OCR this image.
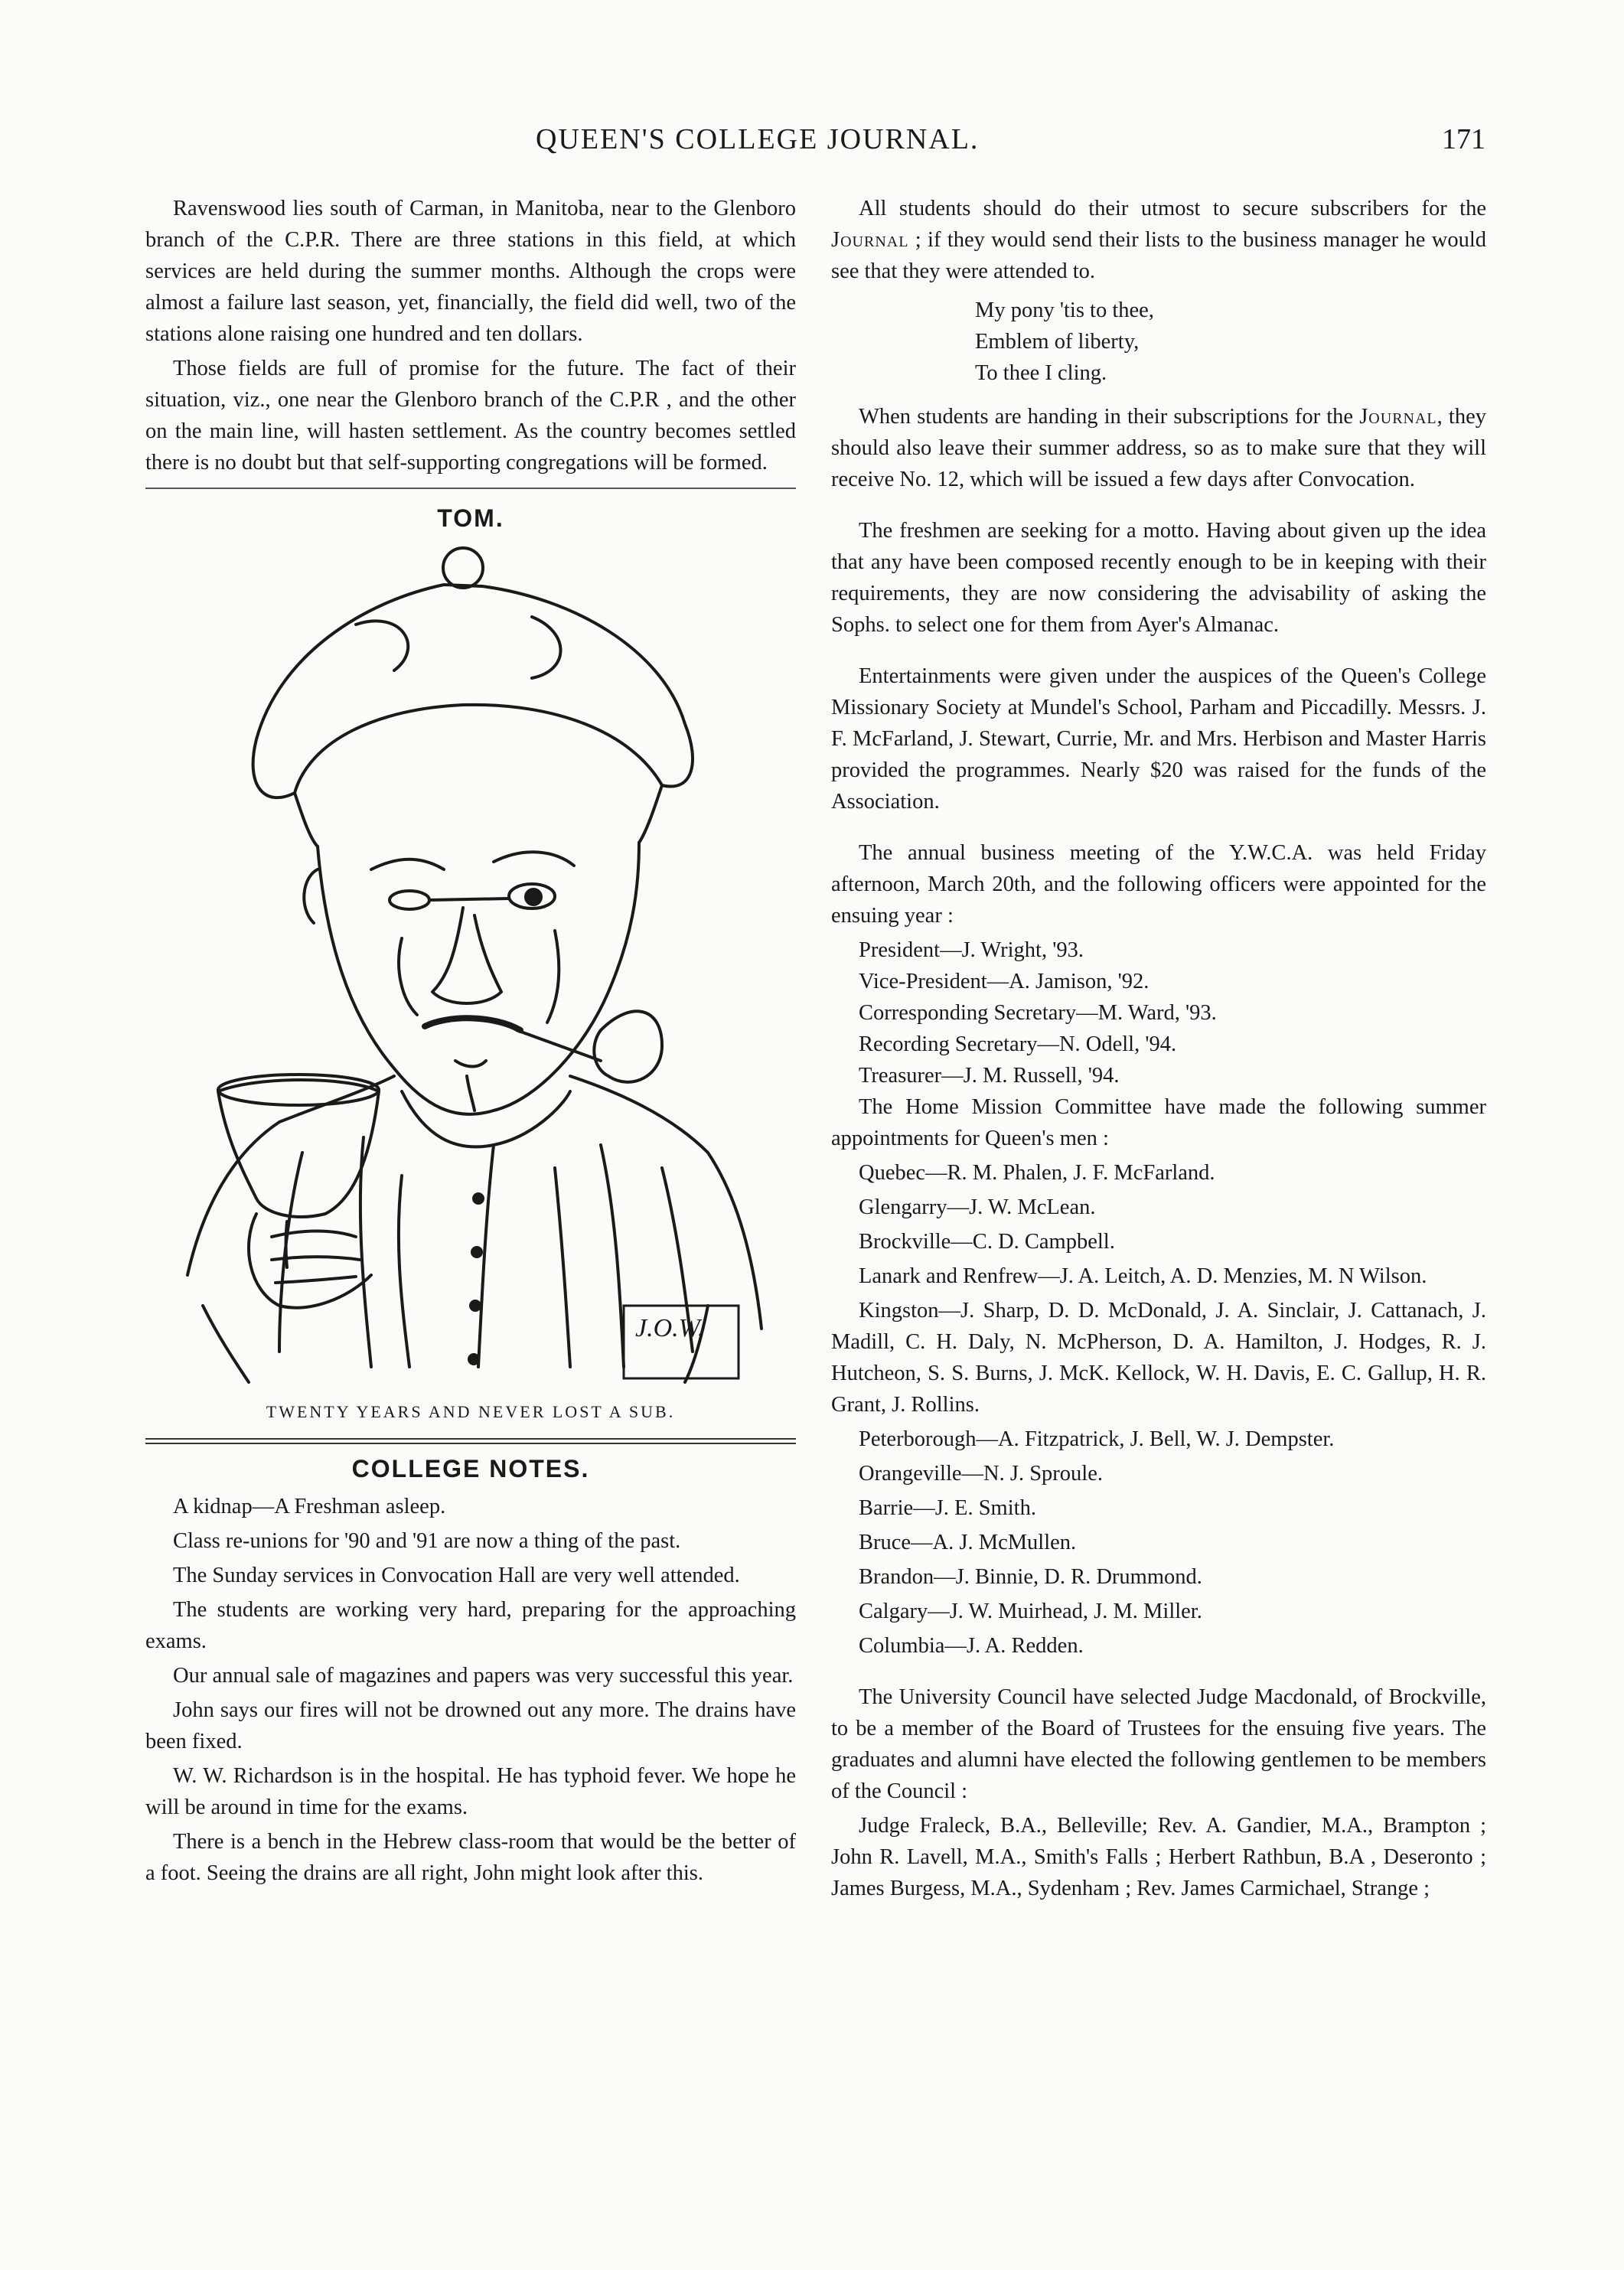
QUEEN'S COLLEGE JOURNAL.	171

Ravenswood lies south of Carman, in Manitoba, near to the Glenboro branch of the C.P.R. There are three stations in this field, at which services are held during the summer months. Although the crops were almost a failure last season, yet, financially, the field did well, two of the stations alone raising one hundred and ten dollars.

Those fields are full of promise for the future. The fact of their situation, viz., one near the Glenboro branch of the C.P.R , and the other on the main line, will hasten settlement. As the country becomes settled there is no doubt but that self-supporting congregations will be formed.

TOM.
J.O.W.
TWENTY YEARS AND NEVER LOST A SUB.
COLLEGE NOTES.

A kidnap—A Freshman asleep.

Class re-unions for '90 and '91 are now a thing of the past.

The Sunday services in Convocation Hall are very well attended.

The students are working very hard, preparing for the approaching exams.

Our annual sale of magazines and papers was very successful this year.

John says our fires will not be drowned out any more. The drains have been fixed.

W. W. Richardson is in the hospital. He has typhoid fever. We hope he will be around in time for the exams.

There is a bench in the Hebrew class-room that would be the better of a foot. Seeing the drains are all right, John might look after this.

All students should do their utmost to secure subscribers for the Journal ; if they would send their lists to the business manager he would see that they were attended to.

My pony 'tis to thee,
Emblem of liberty,
To thee I cling.

When students are handing in their subscriptions for the Journal, they should also leave their summer address, so as to make sure that they will receive No. 12, which will be issued a few days after Convocation.

The freshmen are seeking for a motto. Having about given up the idea that any have been composed recently enough to be in keeping with their requirements, they are now considering the advisability of asking the Sophs. to select one for them from Ayer's Almanac.

Entertainments were given under the auspices of the Queen's College Missionary Society at Mundel's School, Parham and Piccadilly. Messrs. J. F. McFarland, J. Stewart, Currie, Mr. and Mrs. Herbison and Master Harris provided the programmes. Nearly $20 was raised for the funds of the Association.

The annual business meeting of the Y.W.C.A. was held Friday afternoon, March 20th, and the following officers were appointed for the ensuing year :

President—J. Wright, '93.
Vice-President—A. Jamison, '92.
Corresponding Secretary—M. Ward, '93.
Recording Secretary—N. Odell, '94.
Treasurer—J. M. Russell, '94.

The Home Mission Committee have made the following summer appointments for Queen's men :

Quebec—R. M. Phalen, J. F. McFarland.

Glengarry—J. W. McLean.

Brockville—C. D. Campbell.

Lanark and Renfrew—J. A. Leitch, A. D. Menzies, M. N Wilson.

Kingston—J. Sharp, D. D. McDonald, J. A. Sinclair, J. Cattanach, J. Madill, C. H. Daly, N. McPherson, D. A. Hamilton, J. Hodges, R. J. Hutcheon, S. S. Burns, J. McK. Kellock, W. H. Davis, E. C. Gallup, H. R. Grant, J. Rollins.

Peterborough—A. Fitzpatrick, J. Bell, W. J. Dempster.

Orangeville—N. J. Sproule.

Barrie—J. E. Smith.

Bruce—A. J. McMullen.

Brandon—J. Binnie, D. R. Drummond.

Calgary—J. W. Muirhead, J. M. Miller.

Columbia—J. A. Redden.

The University Council have selected Judge Macdonald, of Brockville, to be a member of the Board of Trustees for the ensuing five years. The graduates and alumni have elected the following gentlemen to be members of the Council :

Judge Fraleck, B.A., Belleville; Rev. A. Gandier, M.A., Brampton ; John R. Lavell, M.A., Smith's Falls ; Herbert Rathbun, B.A , Deseronto ; James Burgess, M.A., Sydenham ; Rev. James Carmichael, Strange ;
